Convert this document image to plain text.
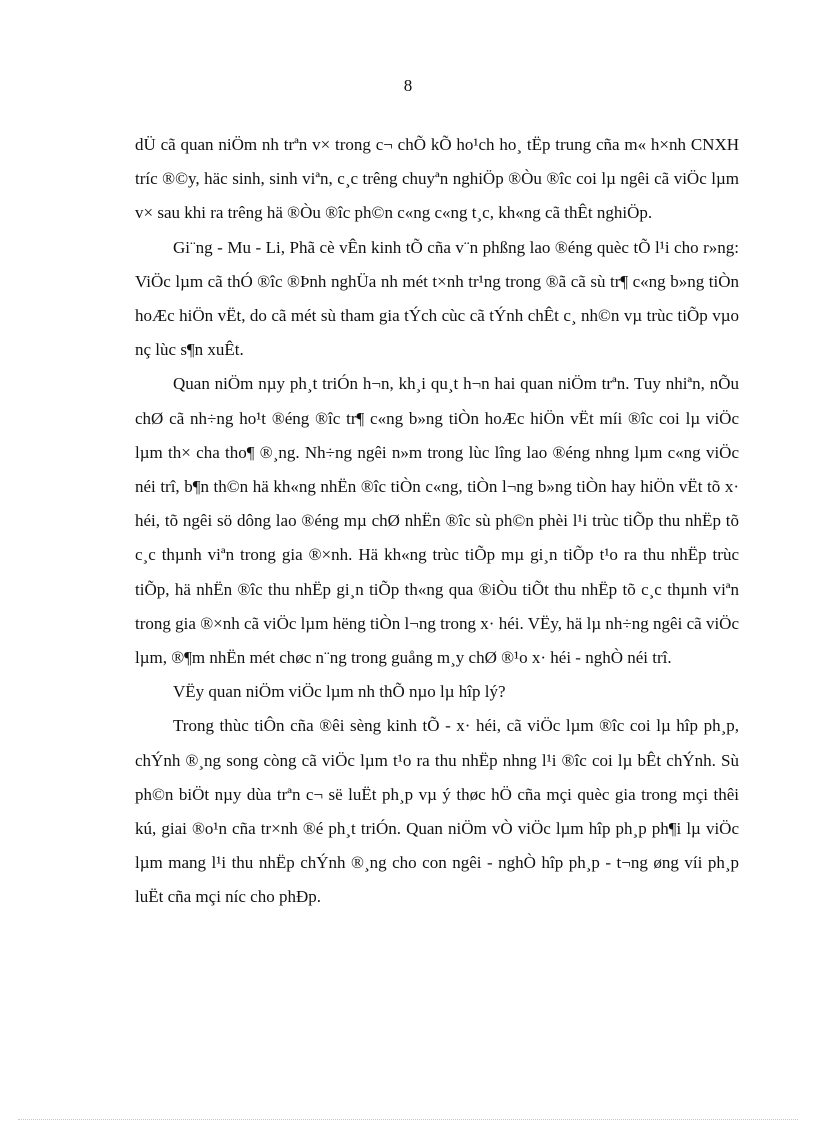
8

dÜ cã quan niÖm nh trªn v× trong c¬ chÕ kÕ ho¹ch ho¸ tËp trung cña m« h×nh CNXH tríc ®©y, häc sinh, sinh viªn, c¸c trêng chuyªn nghiÖp ®Òu ®îc coi lµ ngêi cã viÖc lµm v× sau khi ra trêng hä ®Òu ®îc ph©n c«ng c«ng t¸c, kh«ng cã thÊt nghiÖp.

Gi¨ng - Mu - Li, Phã cè vÊn kinh tÕ cña v¨n phßng lao ®éng quèc tÕ l¹i cho r»ng: ViÖc lµm cã thÓ ®îc ®Þnh nghÜa nh mét t×nh tr¹ng trong ®ã cã sù tr¶ c«ng b»ng tiÒn hoÆc hiÖn vËt, do cã mét sù tham gia tÝch cùc cã tÝnh chÊt c¸ nh©n vµ trùc tiÕp vµo nç lùc s¶n xuÊt.

Quan niÖm nµy ph¸t triÓn h¬n, kh¸i qu¸t h¬n hai quan niÖm trªn. Tuy nhiªn, nÕu chØ cã nh÷ng ho¹t ®éng ®îc tr¶ c«ng b»ng tiÒn hoÆc hiÖn vËt míi ®îc coi lµ viÖc lµm th× cha tho¶ ®¸ng. Nh÷ng ngêi n»m trong lùc lîng lao ®éng nhng lµm c«ng viÖc néi trî, b¶n th©n hä kh«ng nhËn ®îc tiÒn c«ng, tiÒn l¬ng b»ng tiÒn hay hiÖn vËt tõ x· héi, tõ ngêi sö dông lao ®éng mµ chØ nhËn ®îc sù ph©n phèi l¹i trùc tiÕp thu nhËp tõ c¸c thµnh viªn trong gia ®×nh. Hä kh«ng trùc tiÕp mµ gi¸n tiÕp t¹o ra thu nhËp trùc tiÕp, hä nhËn ®îc thu nhËp gi¸n tiÕp th«ng qua ®iÒu tiÕt thu nhËp tõ c¸c thµnh viªn trong gia ®×nh cã viÖc lµm hëng tiÒn l¬ng trong x· héi. VËy, hä lµ nh÷ng ngêi cã viÖc lµm, ®¶m nhËn mét chøc n¨ng trong guång m¸y chØ ®¹o x· héi - nghÒ néi trî.

VËy quan niÖm viÖc lµm nh thÕ nµo lµ hîp lý?

Trong thùc tiÔn cña ®êi sèng kinh tÕ - x· héi, cã viÖc lµm ®îc coi lµ hîp ph¸p, chÝnh ®¸ng song còng cã viÖc lµm t¹o ra thu nhËp nhng l¹i ®îc coi lµ bÊt chÝnh. Sù ph©n biÖt nµy dùa trªn c¬ së luËt ph¸p vµ ý thøc hÖ cña mçi quèc gia trong mçi thêi kú, giai ®o¹n cña tr×nh ®é ph¸t triÓn. Quan niÖm vÒ viÖc lµm hîp ph¸p ph¶i lµ viÖc lµm mang l¹i thu nhËp chÝnh ®¸ng cho con ngêi - nghÒ hîp ph¸p - t¬ng øng víi ph¸p luËt cña mçi níc cho phÐp.
